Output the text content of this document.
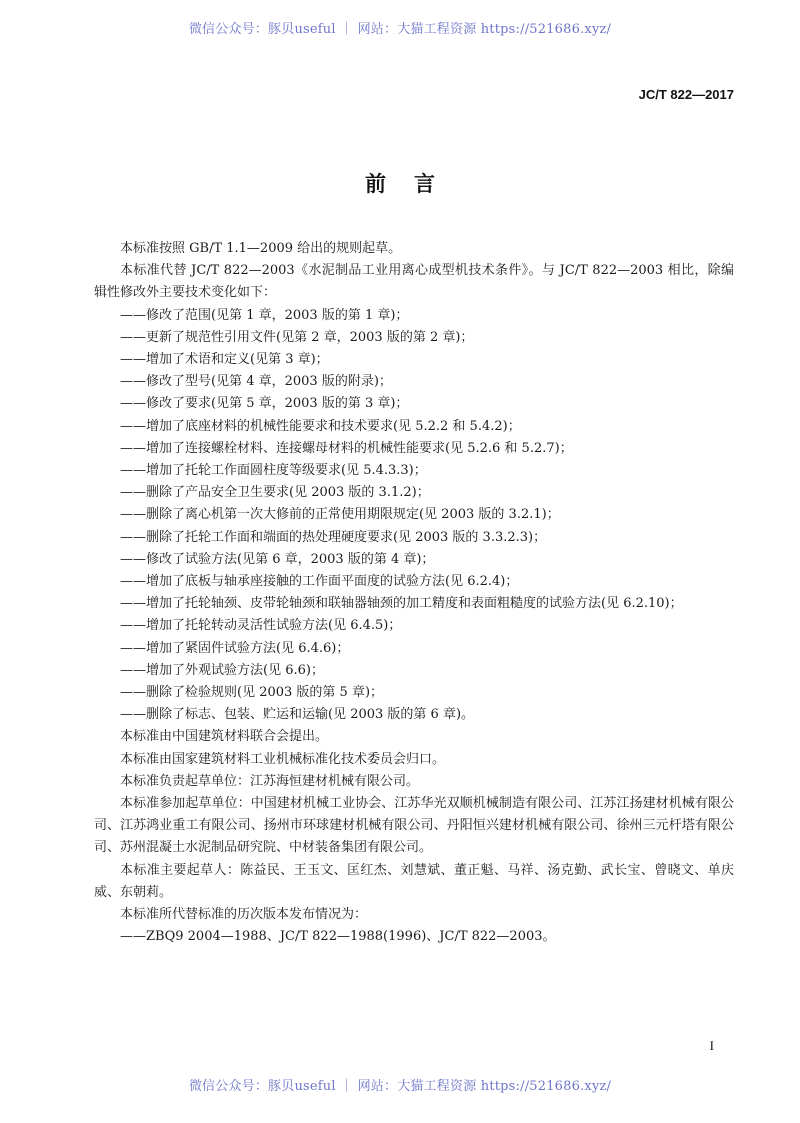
微信公众号：豚贝useful ｜ 网站：大猫工程资源 https://521686.xyz/
JC/T 822—2017
前言

本标准按照 GB/T 1.1—2009 给出的规则起草。

本标准代替 JC/T 822—2003《水泥制品工业用离心成型机技术条件》。与 JC/T 822—2003 相比，除编辑性修改外主要技术变化如下：

——修改了范围(见第 1 章，2003 版的第 1 章)；

——更新了规范性引用文件(见第 2 章，2003 版的第 2 章)；

——增加了术语和定义(见第 3 章)；

——修改了型号(见第 4 章，2003 版的附录)；

——修改了要求(见第 5 章，2003 版的第 3 章)；

——增加了底座材料的机械性能要求和技术要求(见 5.2.2 和 5.4.2)；

——增加了连接螺栓材料、连接螺母材料的机械性能要求(见 5.2.6 和 5.2.7)；

——增加了托轮工作面圆柱度等级要求(见 5.4.3.3)；

——删除了产品安全卫生要求(见 2003 版的 3.1.2)；

——删除了离心机第一次大修前的正常使用期限规定(见 2003 版的 3.2.1)；

——删除了托轮工作面和端面的热处理硬度要求(见 2003 版的 3.3.2.3)；

——修改了试验方法(见第 6 章，2003 版的第 4 章)；

——增加了底板与轴承座接触的工作面平面度的试验方法(见 6.2.4)；

——增加了托轮轴颈、皮带轮轴颈和联轴器轴颈的加工精度和表面粗糙度的试验方法(见 6.2.10)；

——增加了托轮转动灵活性试验方法(见 6.4.5)；

——增加了紧固件试验方法(见 6.4.6)；

——增加了外观试验方法(见 6.6)；

——删除了检验规则(见 2003 版的第 5 章)；

——删除了标志、包装、贮运和运输(见 2003 版的第 6 章)。

本标准由中国建筑材料联合会提出。

本标准由国家建筑材料工业机械标准化技术委员会归口。

本标准负责起草单位：江苏海恒建材机械有限公司。

本标准参加起草单位：中国建材机械工业协会、江苏华光双顺机械制造有限公司、江苏江扬建材机械有限公司、江苏鸿业重工有限公司、扬州市环球建材机械有限公司、丹阳恒兴建材机械有限公司、徐州三元杆塔有限公司、苏州混凝土水泥制品研究院、中材装备集团有限公司。

本标准主要起草人：陈益民、王玉文、匡红杰、刘慧斌、董正魁、马祥、汤克勤、武长宝、曾晓文、单庆威、东朝莉。

本标准所代替标准的历次版本发布情况为：

——ZBQ9 2004—1988、JC/T 822—1988(1996)、JC/T 822—2003。

I
微信公众号：豚贝useful ｜ 网站：大猫工程资源 https://521686.xyz/
